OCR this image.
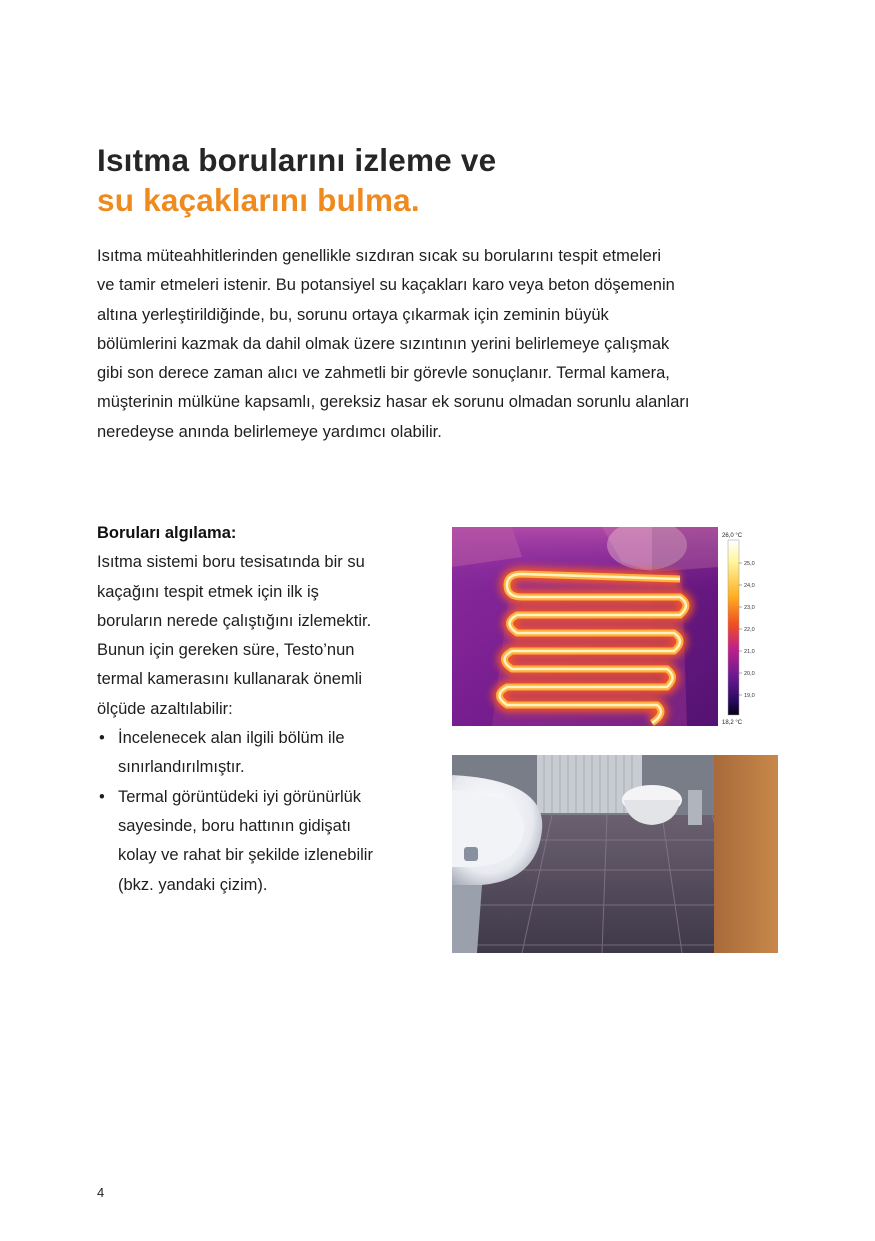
Isıtma borularını izleme ve
su kaçaklarını bulma.

Isıtma müteahhitlerinden genellikle sızdıran sıcak su borularını tespit etmeleri
ve tamir etmeleri istenir. Bu potansiyel su kaçakları karo veya beton döşemenin
altına yerleştirildiğinde, bu, sorunu ortaya çıkarmak için zeminin büyük
bölümlerini kazmak da dahil olmak üzere sızıntının yerini belirlemeye çalışmak
gibi son derece zaman alıcı ve zahmetli bir görevle sonuçlanır. Termal kamera,
müşterinin mülküne kapsamlı, gereksiz hasar ek sorunu olmadan sorunlu alanları
neredeyse anında belirlemeye yardımcı olabilir.

Boruları algılama:
Isıtma sistemi boru tesisatında bir su
kaçağını tespit etmek için ilk iş
boruların nerede çalıştığını izlemektir.
Bunun için gereken süre, Testo’nun
termal kamerasını kullanarak önemli
ölçüde azaltılabilir:
• İncelenecek alan ilgili bölüm ile
sınırlandırılmıştır.
• Termal görüntüdeki iyi görünürlük
sayesinde, boru hattının gidişatı
kolay ve rahat bir şekilde izlenebilir
(bkz. yandaki çizim).
26,0 °C
18,2 °C
25,0
24,0
23,0
22,0
21,0
20,0
19,0
4
